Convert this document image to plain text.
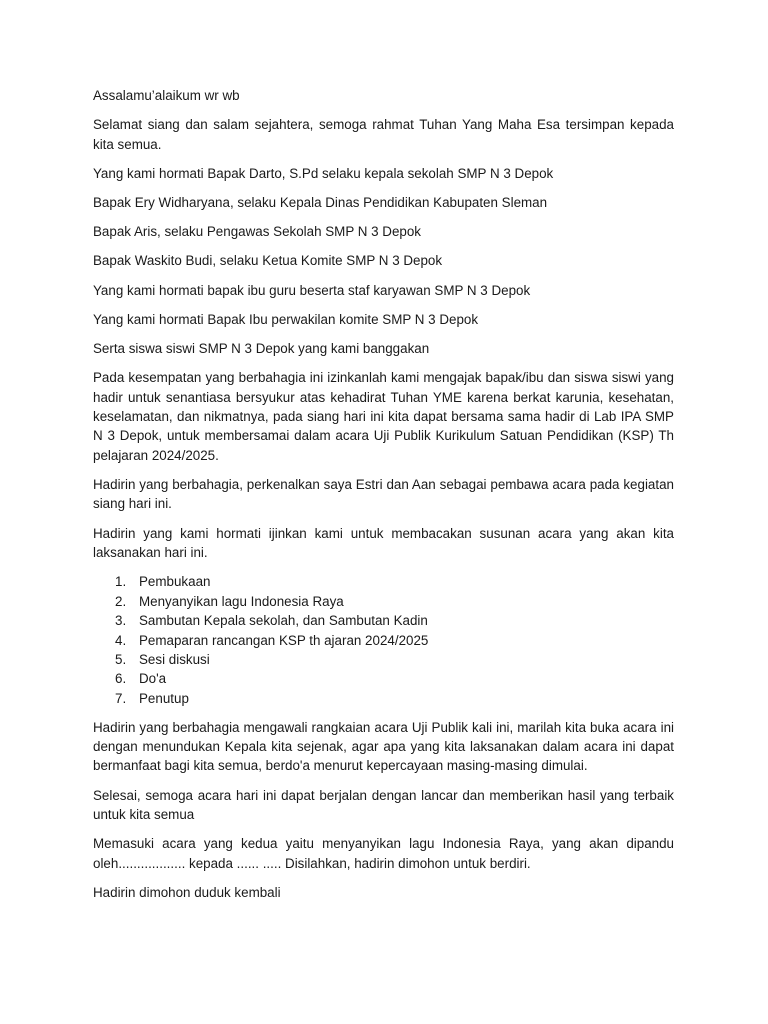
Assalamu’alaikum wr wb

Selamat siang dan salam sejahtera, semoga rahmat Tuhan Yang Maha Esa tersimpan kepada kita semua.

Yang kami hormati Bapak Darto, S.Pd selaku kepala sekolah SMP N 3 Depok

Bapak Ery Widharyana, selaku Kepala Dinas Pendidikan Kabupaten Sleman

Bapak Aris, selaku Pengawas Sekolah SMP N 3 Depok

Bapak Waskito Budi, selaku Ketua Komite SMP N 3 Depok

Yang kami hormati bapak ibu guru beserta staf karyawan SMP N 3 Depok

Yang kami hormati Bapak Ibu perwakilan komite SMP N 3 Depok

Serta siswa siswi SMP N 3 Depok yang kami banggakan

Pada kesempatan yang berbahagia ini izinkanlah kami mengajak bapak/ibu dan siswa siswi yang hadir untuk senantiasa bersyukur atas kehadirat Tuhan YME karena berkat karunia, kesehatan, keselamatan, dan nikmatnya, pada siang hari ini kita dapat bersama sama hadir di Lab IPA SMP N 3 Depok, untuk membersamai dalam acara Uji Publik Kurikulum Satuan Pendidikan (KSP) Th pelajaran 2024/2025.

Hadirin yang berbahagia, perkenalkan saya Estri dan Aan sebagai pembawa acara pada kegiatan siang hari ini.

Hadirin yang kami hormati ijinkan kami untuk membacakan susunan acara yang akan kita laksanakan hari ini.

1. Pembukaan
2. Menyanyikan lagu Indonesia Raya
3. Sambutan Kepala sekolah, dan Sambutan Kadin
4. Pemaparan rancangan KSP th ajaran 2024/2025
5. Sesi diskusi
6. Do'a
7. Penutup

Hadirin yang berbahagia mengawali rangkaian acara Uji Publik kali ini, marilah kita buka acara ini dengan menundukan Kepala kita sejenak, agar apa yang kita laksanakan dalam acara ini dapat bermanfaat bagi kita semua, berdo'a menurut kepercayaan masing-masing dimulai.

Selesai, semoga acara hari ini dapat berjalan dengan lancar dan memberikan hasil yang terbaik untuk kita semua

Memasuki acara yang kedua yaitu menyanyikan lagu Indonesia Raya, yang akan dipandu oleh.................. kepada ...... ..... Disilahkan, hadirin dimohon untuk berdiri.

Hadirin dimohon duduk kembali
